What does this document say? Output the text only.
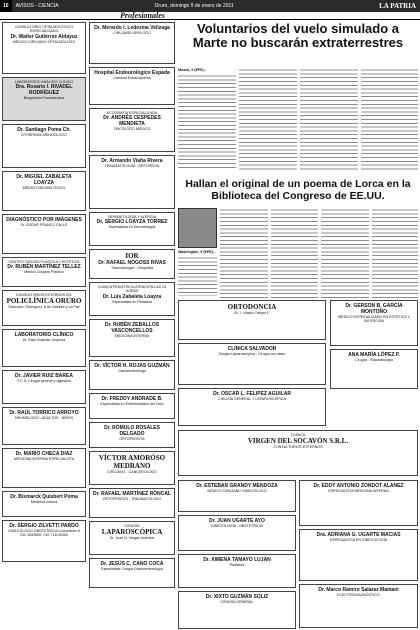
10	AVISOS - CIENCIA	Oruro, domingo 9 de enero de 2011	LA PATRIA
Profesionales
CONSULTORIO OFTALMOLÓGICO ESPECIALIZADO
Dr. Walter Gutiérrez Aldayuz
MÉDICO CIRUJANO OFTALMÓLOGO
LABORATORIO ANÁLISIS CLÍNICO
Dra. Rosario I. RIVADEL RODRÍGUEZ
Bioquímica Farmacéutica
Dr. Santiago Poma Ch.
OTORRINOLARINGÓLOGO
Dr. MIGUEL ZABALETA LOAYZA
MÉDICO NEUMOLÓGICO
DIAGNÓSTICO POR IMÁGENES
Dr. EDGAR FRANCO CALLE
CENTRO CIRUGÍA PLÁSTICA Y ESTÉTICA
Dr. RUBÉN MARTÍNEZ TELLEZ
Médico Cirujano Plástico
CONSULTORIOS EXTERNOS EN:
POLICLÍNICA ORURO
Dirección: Rodríguez, 6 de Octubre y La Paz
LABORATORIO CLÍNICO
Dr. Raúl Guzmán Oropeza
Dr. JAVIER RUIZ BAREA
F.C.S. Cirugía general y digestiva
Dr. RAÚL TORRICO ARROYO
NEUMÓLOGO - ADULTOS - NIÑOS
Dr. MARIO CHECA DIAZ
MEDICINA INTERNA ESPECIALISTA
Dr. Bismarck Quisbert Poma
Medicina Interna
Dr. SERGIO ZILVETTI PARDO
GINECÓLOGO-OBSTETRICIA Consultorio 6 Cel. 5283500. Cel. 718-40360
Dr. Merardo I. Ledezma Velizaga
CIRUJANO UROLOGO
Hospital Endourológico Espada
Litotricia Extracorpórea
ECOGRAFÍA ESPECIALIZADA
Dr. ANDRÉS CESPEDES MENDIETA
ONCÓLOGO MÉDICO
Dr. Armando Viaña Rivera
TRAUMATOLOGÍA - ORTOPEDIA
DERMATOLOGÍA Y ALERGIA
Dr. SERGIO LOAYZA TORREZ
Especialista en Dermatología
IOR
Dr. RAFAEL NOGOSS RIVAS
Traumatología - Ortopedia
CLÍNICA PEDIÁTRICA ATENCIÓN LAS 24 HORAS
Dr. Luis Zabaleta Loayza
Especialista en Pediatría
Dr. RUBÉN ZEBALLOS VASCONCELLOS
MEDICINA INTERNA
Dr. VÍCTOR H. ROJAS GUZMÁN
Gastroenterólogo
Dr. FREDDY ANDRADE B.
Especialista en Enfermedades del Oído
Dr. RÓMULO ROSALES DELGADO
ORTOPEDISTA
VÍCTOR AMORÓSO MEDRANO
CIRUJANO - CANCEROLOGO
Dr. RAFAEL MARTÍNEZ RONCAL
ORTOPEDISTA - TRAUMATÓLOGO
CIRUGÍA
LAPAROSCÓPICA
Dr. Juan N. Vargas Aranibar
Dr. JESÚS C. CANO COCA
Especialista Cirugía Gastroenterología
Voluntarios del vuelo simulado a Marte no buscarán extraterrestres
Moscú, 9 (EFE).-
Hallan el original de un poema de Lorca en la Biblioteca del Congreso de EE.UU.
Washington, 9 (EFE).-
ORTODONCIA
Dr. J. Waldo Crespo F.
CLÍNICA SALVADOR
Cirugía Laparoscópica - Cirugía con láser
Dr. OSCAR L. FELIPEZ AGUILAR
CIRUGÍA GENERAL Y LAPAROSCÓPICA
Dr. GERSON B. GARCÍA MONTOÑO
MÉDICO ESPECIALIZADO EN ESTÉTICA Y NUTRICIÓN
ANA MARÍA LÓPEZ P.
Cirugía - Traumatología
CLÍNICA
VIRGEN DEL SOCAVÓN S.R.L.
CONSULTORIOS EXTERNOS
Dr. ESTEBAN GRANDY MENDOZA
MÉDICO CIRUJANO GINECÓLOGO
Dr. JUAN UGARTE AYO
GINECOLOGÍA - OBSTETRICIA
Dr. XIMENA TAMAYO LUJÁN
Pediatría
Dr. XIXTO GUZMÁN SOLIZ
CIRUGÍA GENERAL
Dr. EDDY ANTONIO ZONDOT ALANEZ
ESPECIALISTA MEDICINA INTERNA
Dra. ADRIANA G. UGARTE MACIAS
ESPECIALISTA EN GINECOLOGÍA
Dr. Marco Ramiro Salazar Mamani
ELECTRODIAGNÓSTICO
